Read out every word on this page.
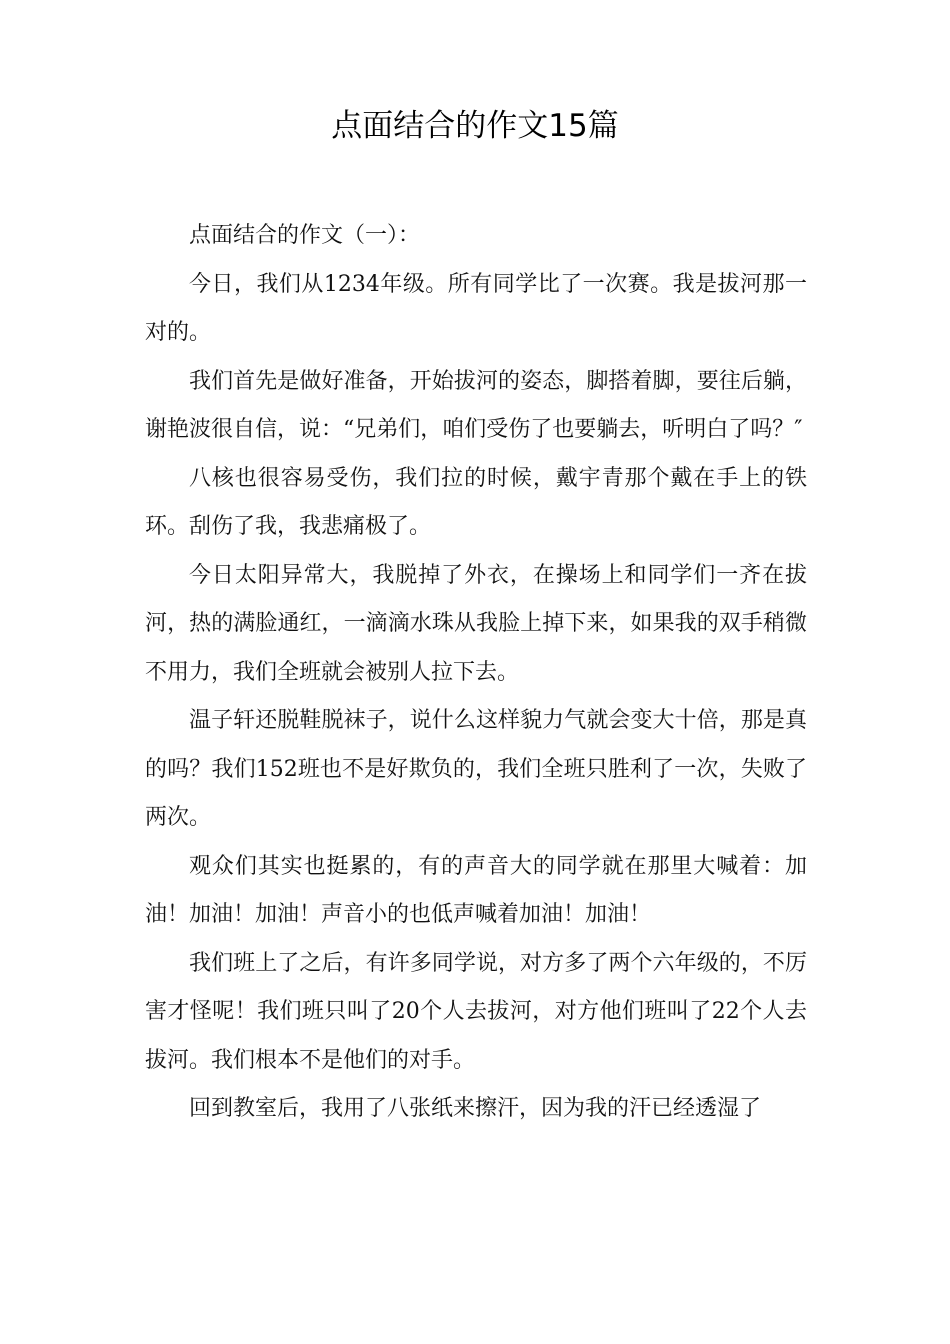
点面结合的作文15篇

点面结合的作文（一）：

今日，我们从1234年级。所有同学比了一次赛。我是拔河那一对的。

我们首先是做好准备，开始拔河的姿态，脚搭着脚，要往后躺，谢艳波很自信，说：“兄弟们，咱们受伤了也要躺去，听明白了吗？″

八核也很容易受伤，我们拉的时候，戴宇青那个戴在手上的铁环。刮伤了我，我悲痛极了。

今日太阳异常大，我脱掉了外衣，在操场上和同学们一齐在拔河，热的满脸通红，一滴滴水珠从我脸上掉下来，如果我的双手稍微不用力，我们全班就会被别人拉下去。

温子轩还脱鞋脱袜子，说什么这样貌力气就会变大十倍，那是真的吗？我们152班也不是好欺负的，我们全班只胜利了一次，失败了两次。

观众们其实也挺累的，有的声音大的同学就在那里大喊着：加油！加油！加油！声音小的也低声喊着加油！加油！

我们班上了之后，有许多同学说，对方多了两个六年级的，不厉害才怪呢！我们班只叫了20个人去拔河，对方他们班叫了22个人去拔河。我们根本不是他们的对手。

回到教室后，我用了八张纸来擦汗，因为我的汗已经透湿了
